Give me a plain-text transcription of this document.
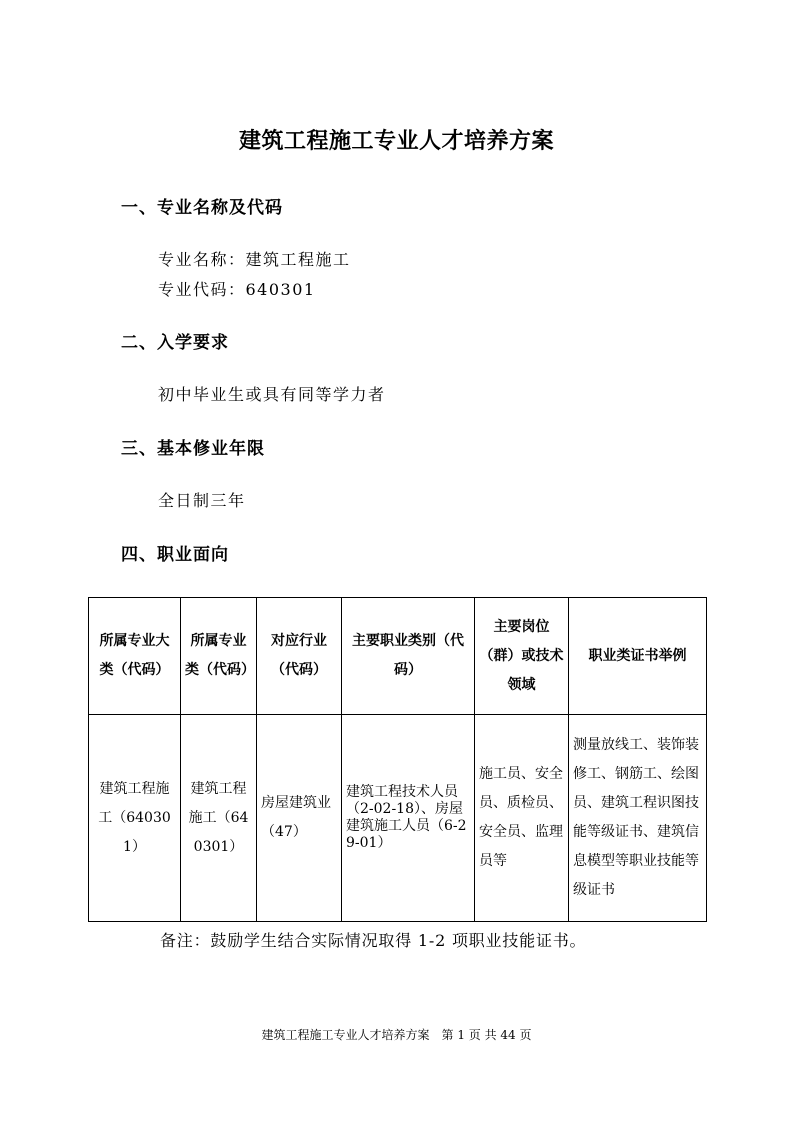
建筑工程施工专业人才培养方案
一、专业名称及代码
专业名称：建筑工程施工
专业代码：640301
二、入学要求
初中毕业生或具有同等学力者
三、基本修业年限
全日制三年
四、职业面向
所属专业大类（代码）	所属专业类（代码）	对应行业（代码）	主要职业类别（代码）	主要岗位（群）或技术领域	职业类证书举例
建筑工程施工（640301）	建筑工程施工（640301）	房屋建筑业（47）	建筑工程技术人员（2-02-18）、房屋建筑施工人员（6-29-01）	施工员、安全员、质检员、安全员、监理员等	测量放线工、装饰装修工、钢筋工、绘图员、建筑工程识图技能等级证书、建筑信息模型等职业技能等级证书
备注：鼓励学生结合实际情况取得 1-2 项职业技能证书。
建筑工程施工专业人才培养方案　第 1 页 共 44 页
